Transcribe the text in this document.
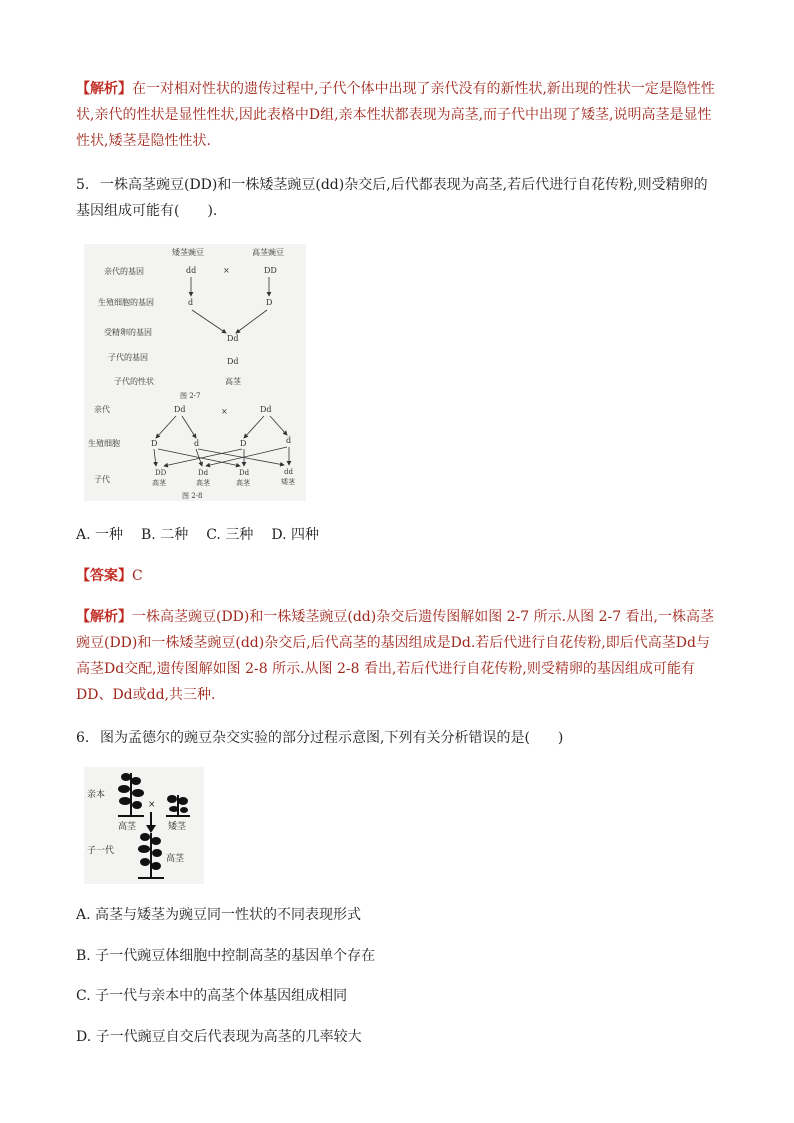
【解析】在一对相对性状的遗传过程中,子代个体中出现了亲代没有的新性状,新出现的性状一定是隐性性状,亲代的性状是显性性状,因此表格中D组,亲本性状都表现为高茎,而子代中出现了矮茎,说明高茎是显性性状,矮茎是隐性性状.
5. 一株高茎豌豆(DD)和一株矮茎豌豆(dd)杂交后,后代都表现为高茎,若后代进行自花传粉,则受精卵的基因组成可能有(　　).
矮茎豌豆	高茎豌豆
亲代的基因	dd	×	DD
生殖细胞的基因	d	D
受精卵的基因
Dd
子代的基因	Dd
子代的性状	高茎
图 2-7
亲代	Dd	×	Dd
生殖细胞	D	d	D	d
子代
DD
高茎
Dd
高茎
Dd
高茎
dd
矮茎
图 2-8
A. 一种 B. 二种 C. 三种 D. 四种
【答案】C
【解析】一株高茎豌豆(DD)和一株矮茎豌豆(dd)杂交后遗传图解如图 2-7 所示.从图 2-7 看出,一株高茎豌豆(DD)和一株矮茎豌豆(dd)杂交后,后代高茎的基因组成是Dd.若后代进行自花传粉,即后代高茎Dd与高茎Dd交配,遗传图解如图 2-8 所示.从图 2-8 看出,若后代进行自花传粉,则受精卵的基因组成可能有DD、Dd或dd,共三种.
6. 图为孟德尔的豌豆杂交实验的部分过程示意图,下列有关分析错误的是(　　)
亲本
×
高茎	矮茎
子一代
高茎
A. 高茎与矮茎为豌豆同一性状的不同表现形式
B. 子一代豌豆体细胞中控制高茎的基因单个存在
C. 子一代与亲本中的高茎个体基因组成相同
D. 子一代豌豆自交后代表现为高茎的几率较大
